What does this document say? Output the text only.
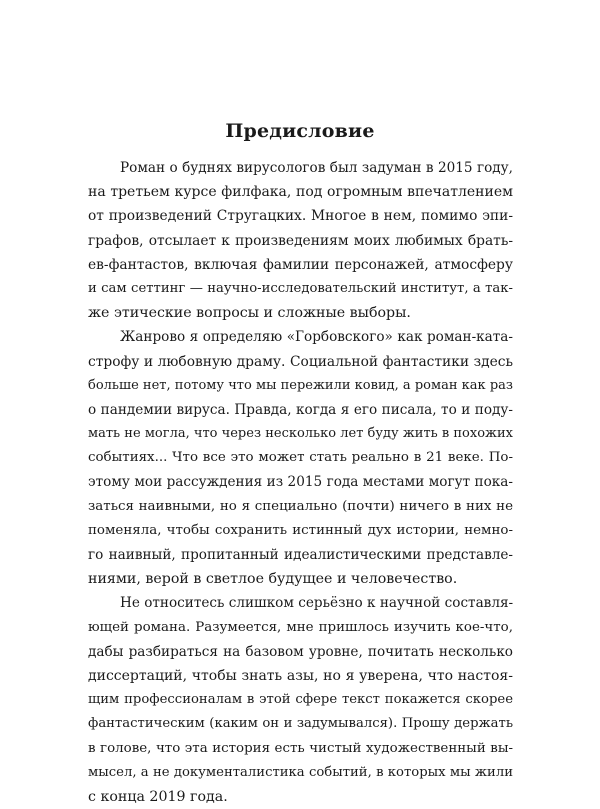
Предисловие
Роман о буднях вирусологов был задуман в 2015 году,
на третьем курсе филфака, под огромным впечатлением
от произведений Стругацких. Многое в нем, помимо эпи-
графов, отсылает к произведениям моих любимых брать-
ев-фантастов, включая фамилии персонажей, атмосферу
и сам сеттинг — научно-исследовательский институт, а так-
же этические вопросы и сложные выборы.
Жанрово я определяю «Горбовского» как роман-ката-
строфу и любовную драму. Социальной фантастики здесь
больше нет, потому что мы пережили ковид, а роман как раз
о пандемии вируса. Правда, когда я его писала, то и поду-
мать не могла, что через несколько лет буду жить в похожих
событиях... Что все это может стать реально в 21 веке. По-
этому мои рассуждения из 2015 года местами могут пока-
заться наивными, но я специально (почти) ничего в них не
поменяла, чтобы сохранить истинный дух истории, немно-
го наивный, пропитанный идеалистическими представле-
ниями, верой в светлое будущее и человечество.
Не относитесь слишком серьёзно к научной составля-
ющей романа. Разумеется, мне пришлось изучить кое-что,
дабы разбираться на базовом уровне, почитать несколько
диссертаций, чтобы знать азы, но я уверена, что настоя-
щим профессионалам в этой сфере текст покажется скорее
фантастическим (каким он и задумывался). Прошу держать
в голове, что эта история есть чистый художественный вы-
мысел, а не документалистика событий, в которых мы жили
с конца 2019 года.
